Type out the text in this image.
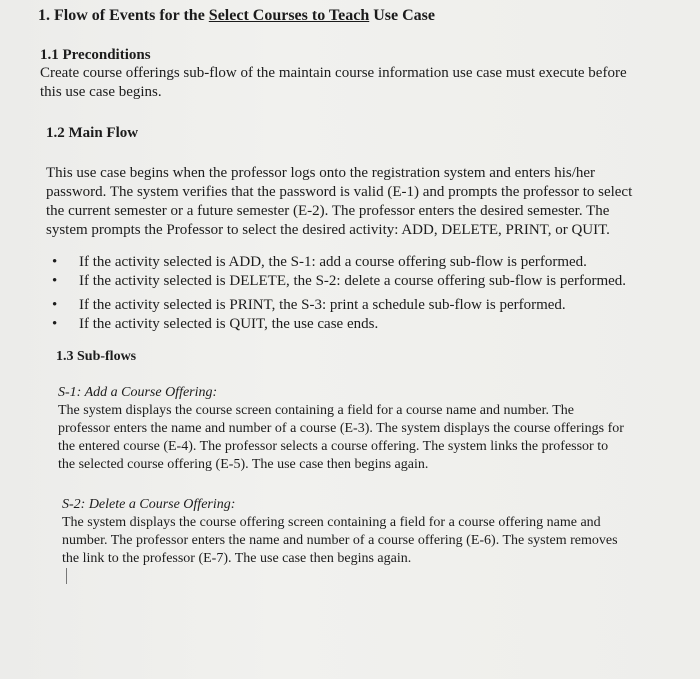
1. Flow of Events for the Select Courses to Teach Use Case
1.1 Preconditions
Create course offerings sub-flow of the maintain course information use case must execute before this use case begins.
1.2 Main Flow
This use case begins when the professor logs onto the registration system and enters his/her password. The system verifies that the password is valid (E-1) and prompts the professor to select the current semester or a future semester (E-2). The professor enters the desired semester. The system prompts the Professor to select the desired activity: ADD, DELETE, PRINT, or QUIT.
• If the activity selected is ADD, the S-1: add a course offering sub-flow is performed.
• If the activity selected is DELETE, the S-2: delete a course offering sub-flow is performed.
• If the activity selected is PRINT, the S-3: print a schedule sub-flow is performed.
• If the activity selected is QUIT, the use case ends.
1.3 Sub-flows
S-1: Add a Course Offering:
The system displays the course screen containing a field for a course name and number. The professor enters the name and number of a course (E-3). The system displays the course offerings for the entered course (E-4). The professor selects a course offering. The system links the professor to the selected course offering (E-5). The use case then begins again.
S-2: Delete a Course Offering:
The system displays the course offering screen containing a field for a course offering name and number. The professor enters the name and number of a course offering (E-6). The system removes the link to the professor (E-7). The use case then begins again.
